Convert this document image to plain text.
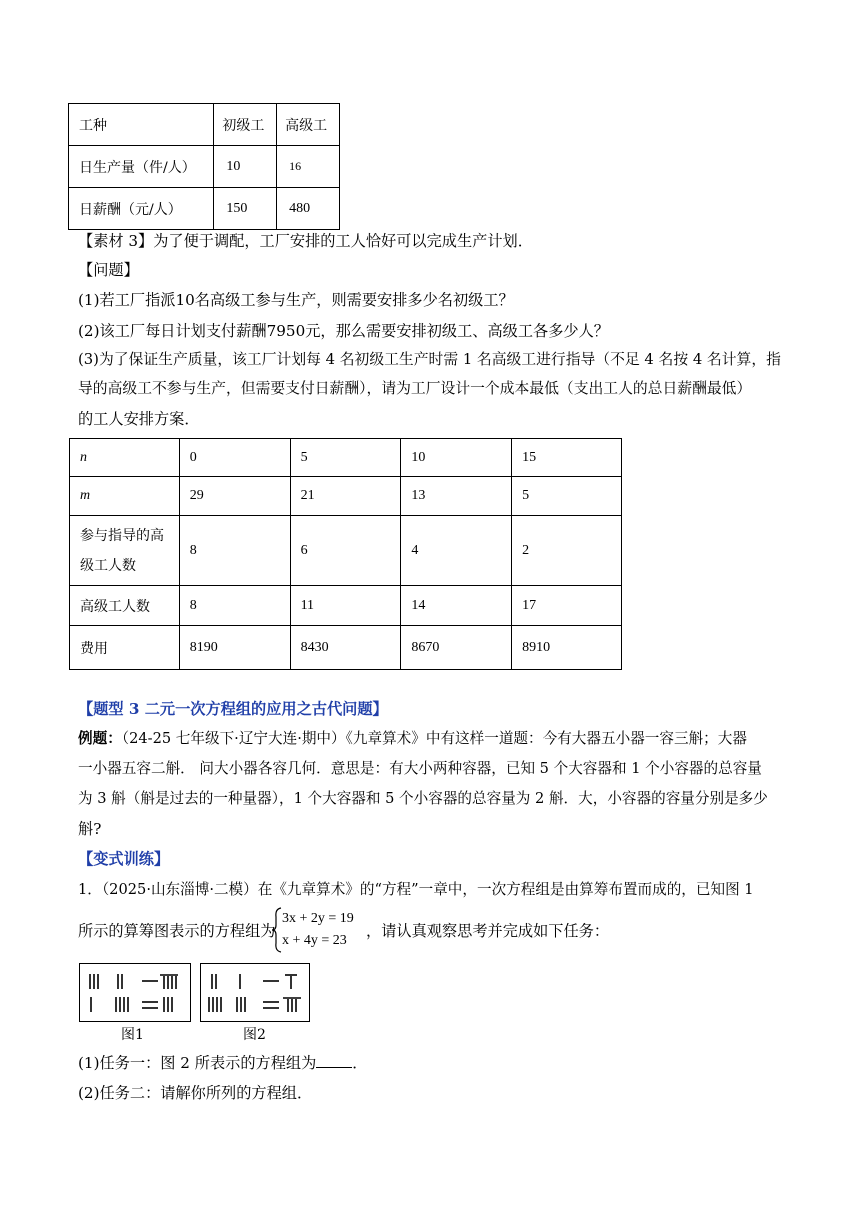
工种	初级工	高级工
日生产量（件/人）	10	16
日薪酬（元/人）	150	480
【素材 3】为了便于调配，工厂安排的工人恰好可以完成生产计划．
【问题】
(1)若工厂指派10名高级工参与生产，则需要安排多少名初级工？
(2)该工厂每日计划支付薪酬7950元，那么需要安排初级工、高级工各多少人？
(3)为了保证生产质量，该工厂计划每 4 名初级工生产时需 1 名高级工进行指导（不足 4 名按 4 名计算，指
导的高级工不参与生产，但需要支付日薪酬），请为工厂设计一个成本最低（支出工人的总日薪酬最低）
的工人安排方案．
n	0	5	10	15
m	29	21	13	5
参与指导的高级工人数	8	6	4	2
高级工人数	8	11	14	17
费用	8190	8430	8670	8910
【题型 3 二元一次方程组的应用之古代问题】
例题：（24-25 七年级下·辽宁大连·期中）《九章算术》中有这样一道题：今有大器五小器一容三斛；大器
一小器五容二斛． 问大小器各容几何．意思是：有大小两种容器，已知 5 个大容器和 1 个小容器的总容量
为 3 斛（斛是过去的一种量器），1 个大容器和 5 个小容器的总容量为 2 斛．大，小容器的容量分别是多少
斛?
【变式训练】
1．（2025·山东淄博·二模）在《九章算术》的“方程”一章中，一次方程组是由算筹布置而成的，已知图 1
所示的算筹图表示的方程组为
3x + 2y = 19
x + 4y = 23
，请认真观察思考并完成如下任务：
图1	图2
(1)任务一：图 2 所表示的方程组为 ．
(2)任务二：请解你所列的方程组．
